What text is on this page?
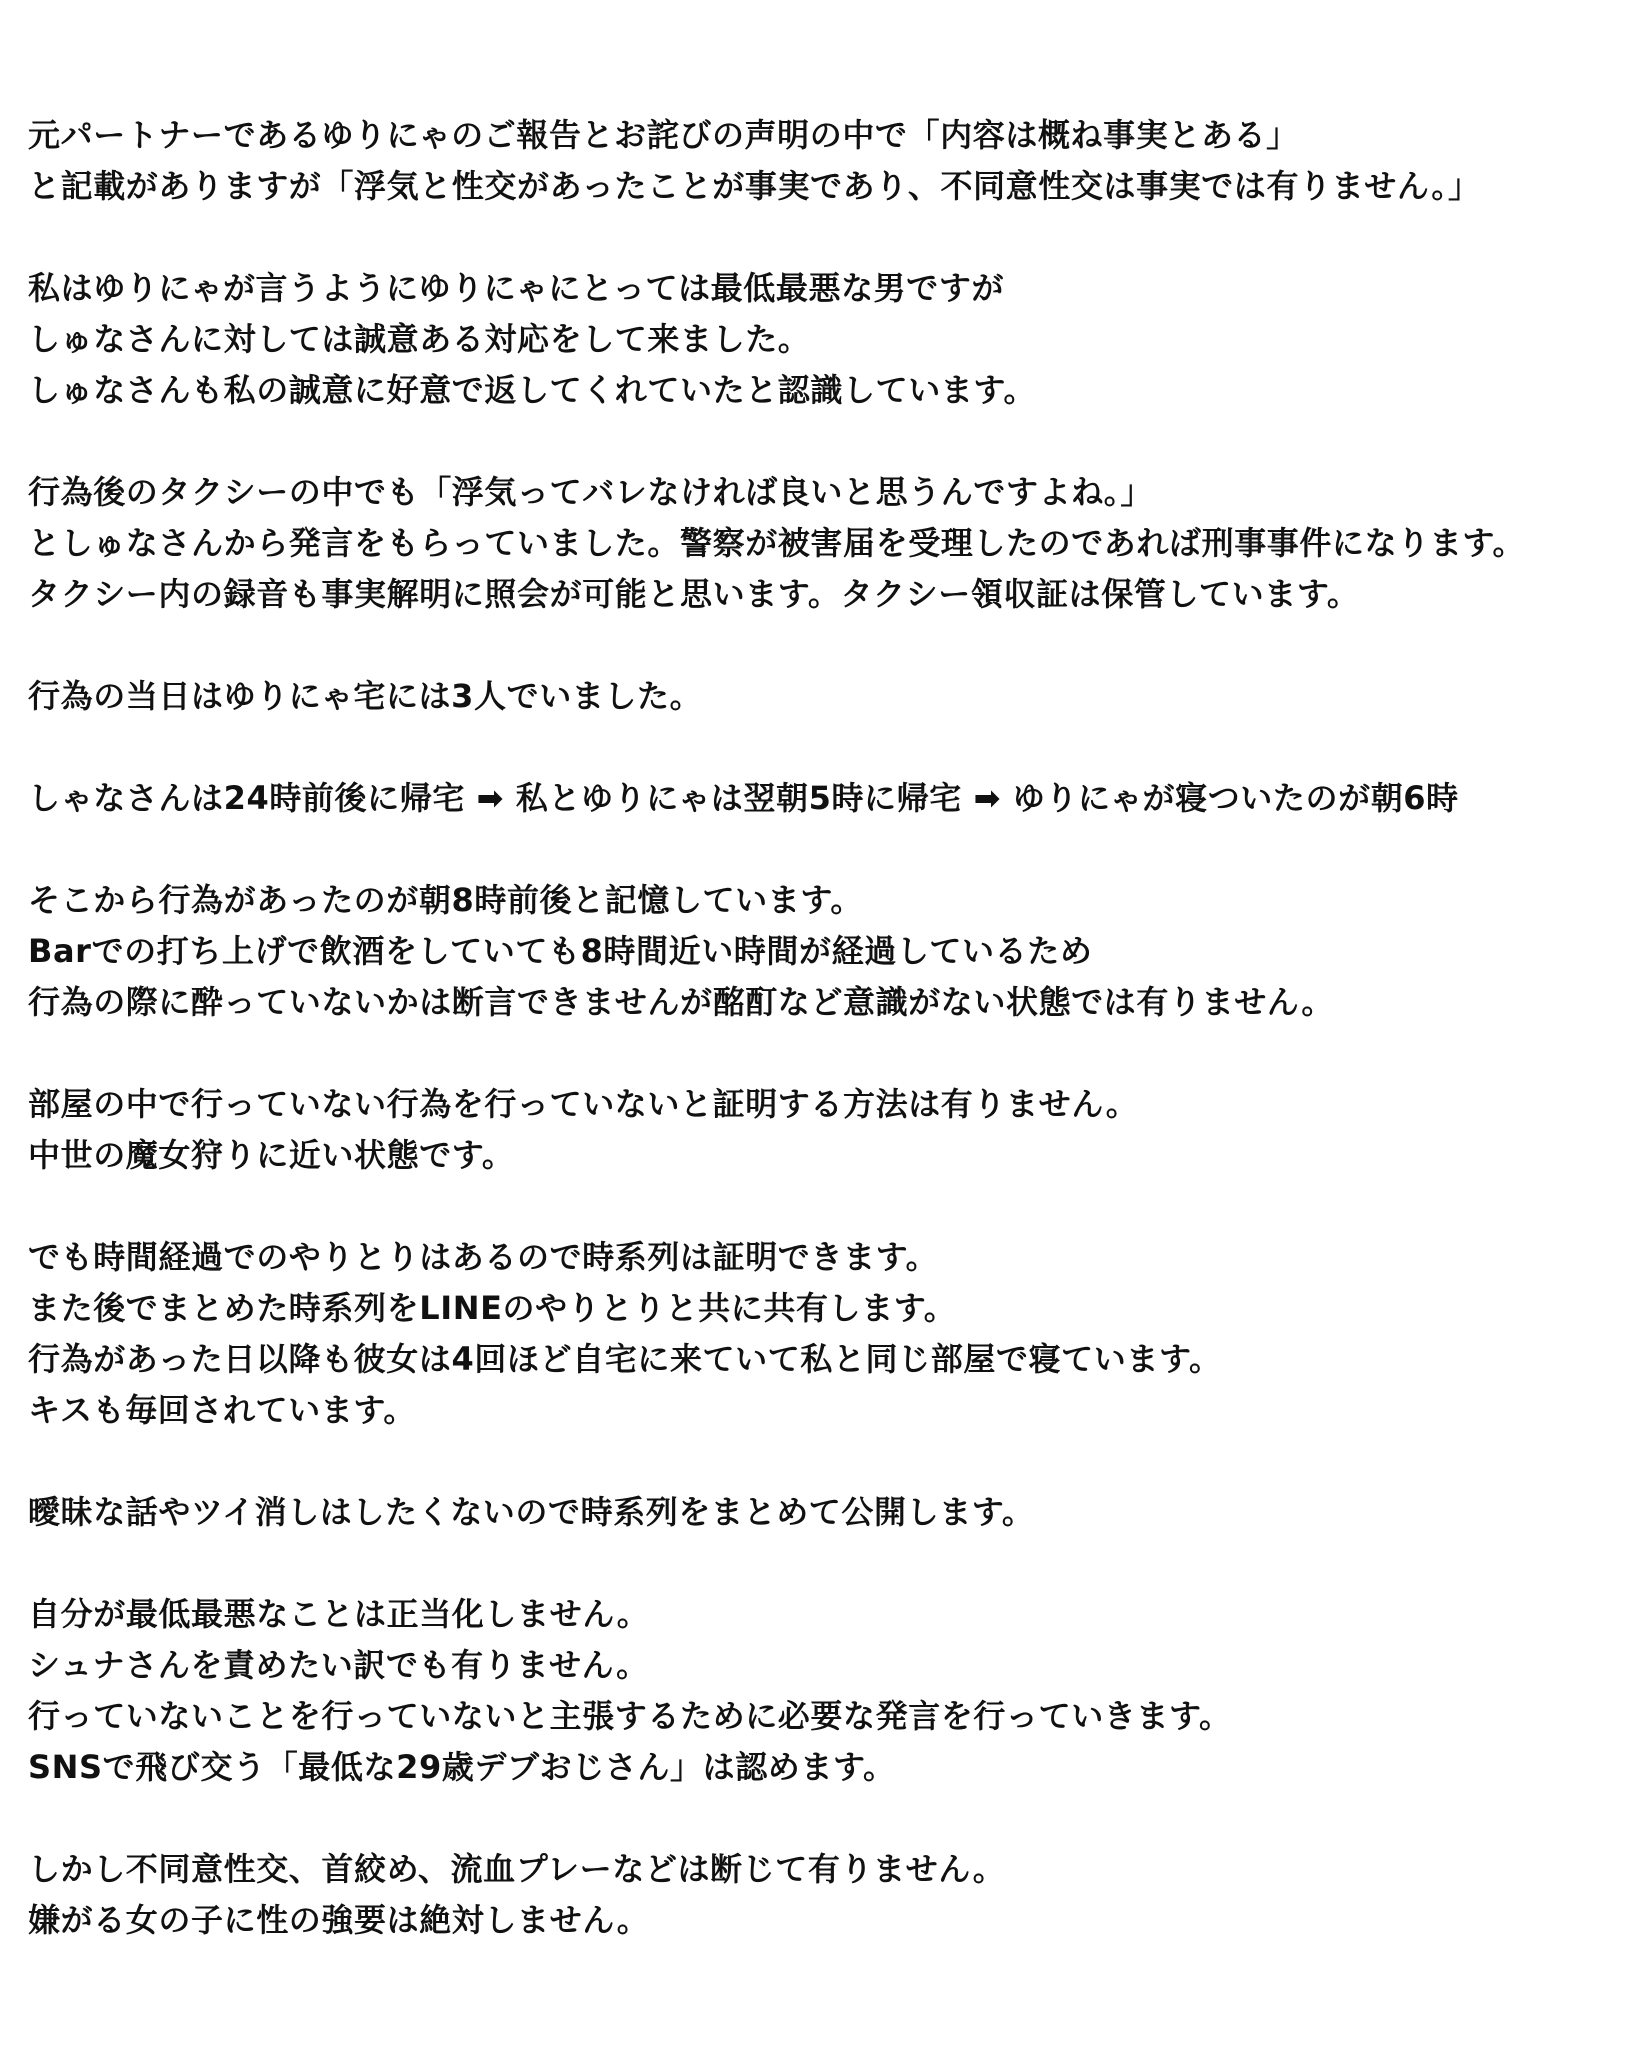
元パートナーであるゆりにゃのご報告とお詫びの声明の中で「内容は概ね事実とある」
と記載がありますが「浮気と性交があったことが事実であり、不同意性交は事実では有りません。」
私はゆりにゃが言うようにゆりにゃにとっては最低最悪な男ですが
しゅなさんに対しては誠意ある対応をして来ました。
しゅなさんも私の誠意に好意で返してくれていたと認識しています。
行為後のタクシーの中でも「浮気ってバレなければ良いと思うんですよね。」
としゅなさんから発言をもらっていました。警察が被害届を受理したのであれば刑事事件になります。
タクシー内の録音も事実解明に照会が可能と思います。タクシー領収証は保管しています。
行為の当日はゆりにゃ宅には3人でいました。
しゃなさんは24時前後に帰宅 ➡ 私とゆりにゃは翌朝5時に帰宅 ➡ ゆりにゃが寝ついたのが朝6時
そこから行為があったのが朝8時前後と記憶しています。
Barでの打ち上げで飲酒をしていても8時間近い時間が経過しているため
行為の際に酔っていないかは断言できませんが酩酊など意識がない状態では有りません。
部屋の中で行っていない行為を行っていないと証明する方法は有りません。
中世の魔女狩りに近い状態です。
でも時間経過でのやりとりはあるので時系列は証明できます。
また後でまとめた時系列をLINEのやりとりと共に共有します。
行為があった日以降も彼女は4回ほど自宅に来ていて私と同じ部屋で寝ています。
キスも毎回されています。
曖昧な話やツイ消しはしたくないので時系列をまとめて公開します。
自分が最低最悪なことは正当化しません。
シュナさんを責めたい訳でも有りません。
行っていないことを行っていないと主張するために必要な発言を行っていきます。
SNSで飛び交う「最低な29歳デブおじさん」は認めます。
しかし不同意性交、首絞め、流血プレーなどは断じて有りません。
嫌がる女の子に性の強要は絶対しません。
